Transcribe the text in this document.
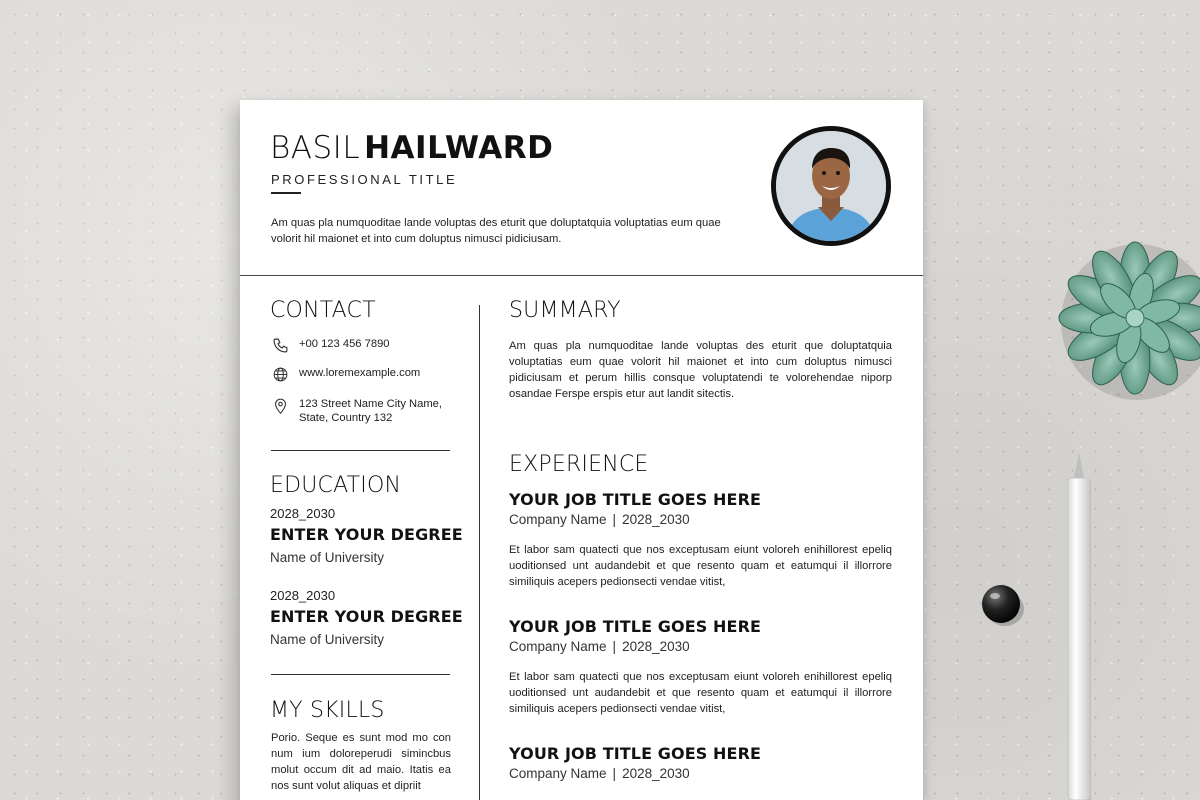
BASIL HAILWARD
PROFESSIONAL TITLE
Am quas pla numquoditae lande voluptas des eturit que doluptatquia voluptatias eum quae volorit hil maionet et into cum doluptus nimusci pidiciusam.
CONTACT
+00 123 456 7890
www.loremexample.com
123 Street Name City Name,
State, Country 132
EDUCATION
2028_2030
ENTER YOUR DEGREE
Name of University
2028_2030
ENTER YOUR DEGREE
Name of University
MY SKILLS
Porio. Seque es sunt mod mo con num ium doloreperudi simincbus molut occum dit ad maio. Itatis ea nos sunt volut aliquas et dipriit
SUMMARY
Am quas pla numquoditae lande voluptas des eturit que doluptatquia voluptatias eum quae volorit hil maionet et into cum doluptus nimusci pidiciusam et perum hillis consque voluptatendi te volorehendae niporp osandae Ferspe erspis etur aut landit sitectis.
EXPERIENCE
YOUR JOB TITLE GOES HERE
Company Name | 2028_2030
Et labor sam quatecti que nos exceptusam eiunt voloreh enihillorest epeliq uoditionsed unt audandebit et que resento quam et eatumqui il illorrore similiquis acepers pedionsecti vendae vitist,
YOUR JOB TITLE GOES HERE
Company Name | 2028_2030
Et labor sam quatecti que nos exceptusam eiunt voloreh enihillorest epeliq uoditionsed unt audandebit et que resento quam et eatumqui il illorrore similiquis acepers pedionsecti vendae vitist,
YOUR JOB TITLE GOES HERE
Company Name | 2028_2030
